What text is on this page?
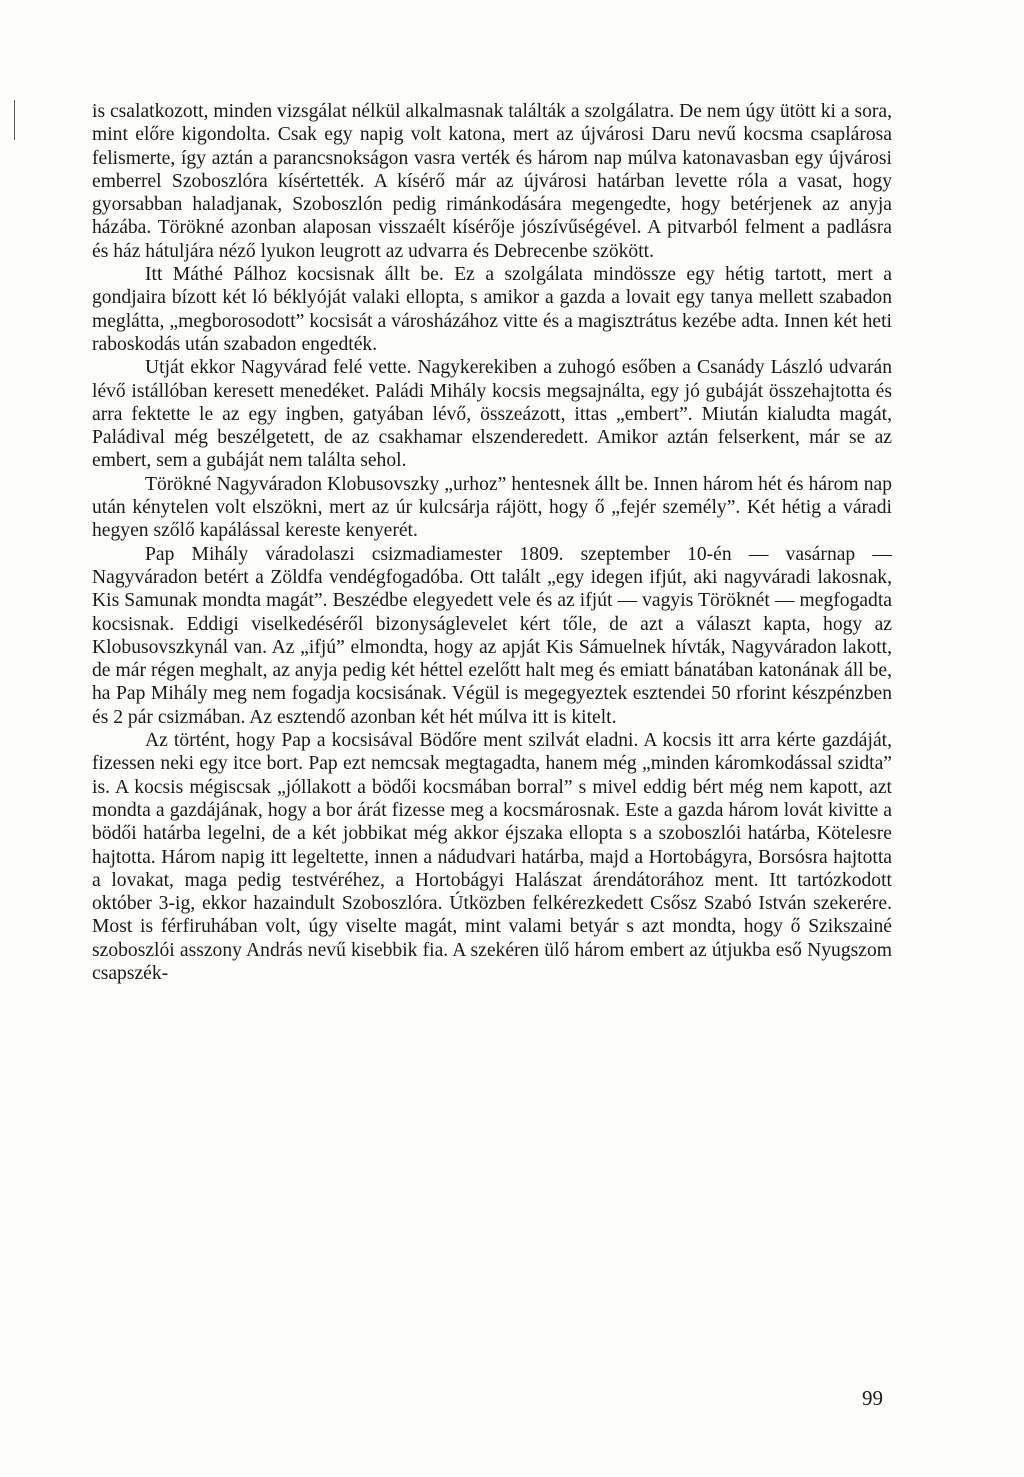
is csalatkozott, minden vizsgálat nélkül alkalmasnak találták a szolgálatra. De nem úgy ütött ki a sora, mint előre kigondolta. Csak egy napig volt katona, mert az újvárosi Daru nevű kocsma csaplárosa felismerte, így aztán a parancsnokságon vasra verték és három nap múlva katonavasban egy újvárosi emberrel Szoboszlóra kísértették. A kísérő már az újvárosi határban levette róla a vasat, hogy gyorsabban haladjanak, Szoboszlón pedig rimánkodására megengedte, hogy betérjenek az anyja házába. Törökné azonban alaposan visszaélt kísérője jószívűségével. A pitvarból felment a padlásra és ház hátuljára néző lyukon leugrott az udvarra és Debrecenbe szökött.

Itt Máthé Pálhoz kocsisnak állt be. Ez a szolgálata mindössze egy hétig tartott, mert a gondjaira bízott két ló béklyóját valaki ellopta, s amikor a gazda a lovait egy tanya mellett szabadon meglátta, „megborosodott” kocsisát a városházához vitte és a magisztrátus kezébe adta. Innen két heti raboskodás után szabadon engedték.

Utját ekkor Nagyvárad felé vette. Nagykerekiben a zuhogó esőben a Csanády László udvarán lévő istállóban keresett menedéket. Paládi Mihály kocsis megsajnálta, egy jó gubáját összehajtotta és arra fektette le az egy ingben, gatyában lévő, összeázott, ittas „embert”. Miután kialudta magát, Paládival még beszélgetett, de az csakhamar elszenderedett. Amikor aztán felserkent, már se az embert, sem a gubáját nem találta sehol.

Törökné Nagyváradon Klobusovszky „urhoz” hentesnek állt be. Innen három hét és három nap után kénytelen volt elszökni, mert az úr kulcsárja rájött, hogy ő „fejér személy”. Két hétig a váradi hegyen szőlő kapálással kereste kenyerét.

Pap Mihály váradolaszi csizmadiamester 1809. szeptember 10-én — vasárnap — Nagyváradon betért a Zöldfa vendégfogadóba. Ott talált „egy idegen ifjút, aki nagyváradi lakosnak, Kis Samunak mondta magát”. Beszédbe elegyedett vele és az ifjút — vagyis Töröknét — megfogadta kocsisnak. Eddigi viselkedéséről bizonyságlevelet kért tőle, de azt a választ kapta, hogy az Klobusovszkynál van. Az „ifjú” elmondta, hogy az apját Kis Sámuelnek hívták, Nagyváradon lakott, de már régen meghalt, az anyja pedig két héttel ezelőtt halt meg és emiatt bánatában katonának áll be, ha Pap Mihály meg nem fogadja kocsisának. Végül is megegyeztek esztendei 50 rforint készpénzben és 2 pár csizmában. Az esztendő azonban két hét múlva itt is kitelt.

Az történt, hogy Pap a kocsisával Bödőre ment szilvát eladni. A kocsis itt arra kérte gazdáját, fizessen neki egy itce bort. Pap ezt nemcsak megtagadta, hanem még „minden káromkodással szidta” is. A kocsis mégiscsak „jóllakott a bödői kocsmában borral” s mivel eddig bért még nem kapott, azt mondta a gazdájának, hogy a bor árát fizesse meg a kocsmárosnak. Este a gazda három lovát kivitte a bödői határba legelni, de a két jobbikat még akkor éjszaka ellopta s a szoboszlói határba, Kötelesre hajtotta. Három napig itt legeltette, innen a nádudvari határba, majd a Hortobágyra, Borsósra hajtotta a lovakat, maga pedig testvéréhez, a Hortobágyi Halászat árendátorához ment. Itt tartózkodott október 3-ig, ekkor hazaindult Szoboszlóra. Útközben felkérezkedett Csősz Szabó István szekerére. Most is férfiruhában volt, úgy viselte magát, mint valami betyár s azt mondta, hogy ő Szikszainé szoboszlói asszony András nevű kisebbik fia. A szekéren ülő három embert az útjukba eső Nyugszom csapszék-

99
